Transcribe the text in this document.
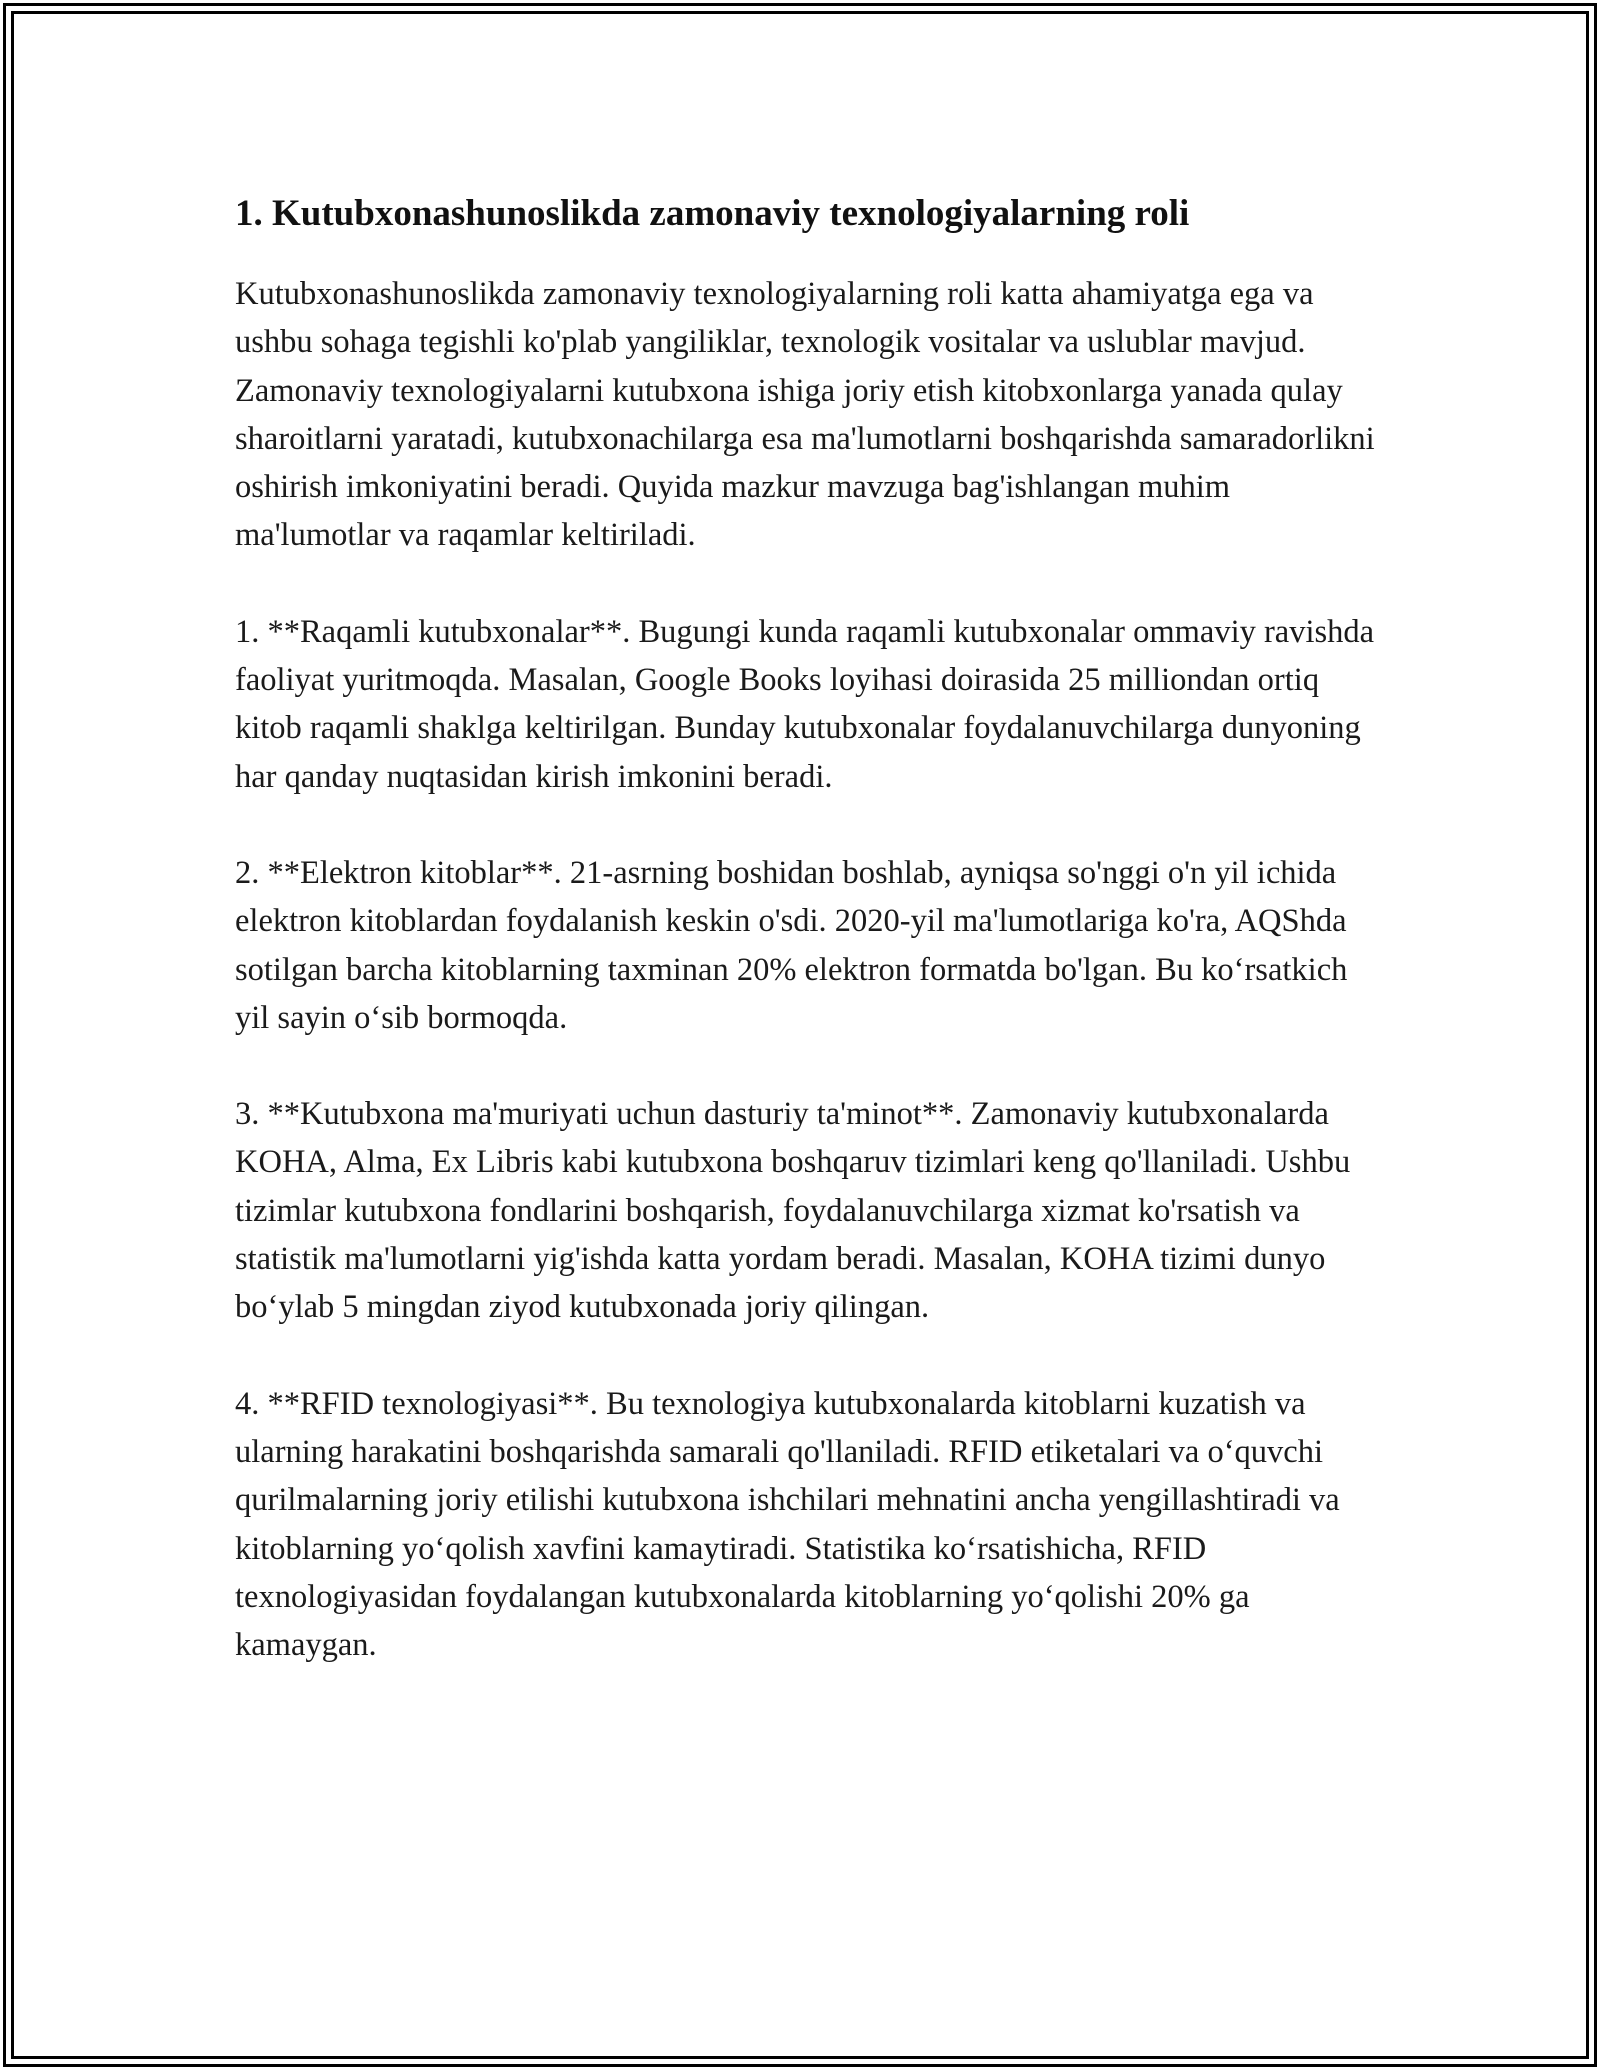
1. Kutubxonashunoslikda zamonaviy texnologiyalarning roli

Kutubxonashunoslikda zamonaviy texnologiyalarning roli katta ahamiyatga ega va ushbu sohaga tegishli ko'plab yangiliklar, texnologik vositalar va uslublar mavjud. Zamonaviy texnologiyalarni kutubxona ishiga joriy etish kitobxonlarga yanada qulay sharoitlarni yaratadi, kutubxonachilarga esa ma'lumotlarni boshqarishda samaradorlikni oshirish imkoniyatini beradi. Quyida mazkur mavzuga bag'ishlangan muhim ma'lumotlar va raqamlar keltiriladi.

1. **Raqamli kutubxonalar**. Bugungi kunda raqamli kutubxonalar ommaviy ravishda faoliyat yuritmoqda. Masalan, Google Books loyihasi doirasida 25 milliondan ortiq kitob raqamli shaklga keltirilgan. Bunday kutubxonalar foydalanuvchilarga dunyoning har qanday nuqtasidan kirish imkonini beradi.

2. **Elektron kitoblar**. 21-asrning boshidan boshlab, ayniqsa so'nggi o'n yil ichida elektron kitoblardan foydalanish keskin o'sdi. 2020-yil ma'lumotlariga ko'ra, AQShda sotilgan barcha kitoblarning taxminan 20% elektron formatda bo'lgan. Bu ko‘rsatkich yil sayin o‘sib bormoqda.

3. **Kutubxona ma'muriyati uchun dasturiy ta'minot**. Zamonaviy kutubxonalarda KOHA, Alma, Ex Libris kabi kutubxona boshqaruv tizimlari keng qo'llaniladi. Ushbu tizimlar kutubxona fondlarini boshqarish, foydalanuvchilarga xizmat ko'rsatish va statistik ma'lumotlarni yig'ishda katta yordam beradi. Masalan, KOHA tizimi dunyo bo‘ylab 5 mingdan ziyod kutubxonada joriy qilingan.

4. **RFID texnologiyasi**. Bu texnologiya kutubxonalarda kitoblarni kuzatish va ularning harakatini boshqarishda samarali qo'llaniladi. RFID etiketalari va o‘quvchi qurilmalarning joriy etilishi kutubxona ishchilari mehnatini ancha yengillashtiradi va kitoblarning yo‘qolish xavfini kamaytiradi. Statistika ko‘rsatishicha, RFID texnologiyasidan foydalangan kutubxonalarda kitoblarning yo‘qolishi 20% ga kamaygan.
